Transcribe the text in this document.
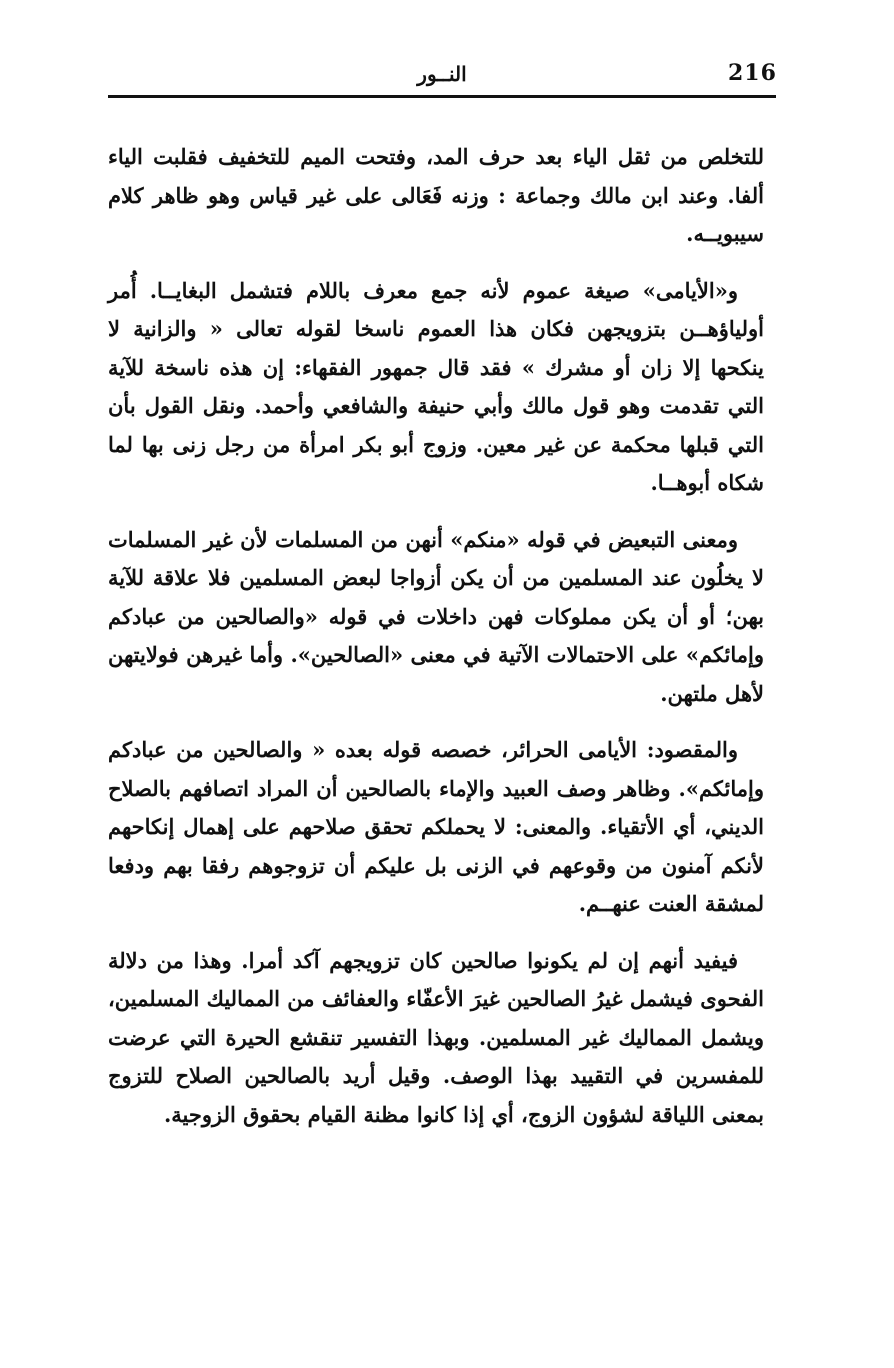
216
النــور

للتخلص من ثقل الياء بعد حرف المد، وفتحت الميم للتخفيف فقلبت الياء ألفا. وعند ابن مالك وجماعة : وزنه فَعَالى على غير قياس وهو ظاهر كلام سيبويــه.

و«الأيامى» صيغة عموم لأنه جمع معرف باللام فتشمل البغايــا. أُمر أولياؤهــن بتزويجهن فكان هذا العموم ناسخا لقوله تعالى « والزانية لا ينكحها إلا زان أو مشرك » فقد قال جمهور الفقهاء: إن هذه ناسخة للآية التي تقدمت وهو قول مالك وأبي حنيفة والشافعي وأحمد. ونقل القول بأن التي قبلها محكمة عن غير معين. وزوج أبو بكر امرأة من رجل زنى بها لما شكاه أبوهــا.

ومعنى التبعيض في قوله «منكم» أنهن من المسلمات لأن غير المسلمات لا يخلُون عند المسلمين من أن يكن أزواجا لبعض المسلمين فلا علاقة للآية بهن؛ أو أن يكن مملوكات فهن داخلات في قوله «والصالحين من عبادكم وإمائكم» على الاحتمالات الآتية في معنى «الصالحين». وأما غيرهن فولايتهن لأهل ملتهن.

والمقصود: الأيامى الحرائر، خصصه قوله بعده « والصالحين من عبادكم وإمائكم». وظاهر وصف العبيد والإماء بالصالحين أن المراد اتصافهم بالصلاح الديني، أي الأتقياء. والمعنى: لا يحملكم تحقق صلاحهم على إهمال إنكاحهم لأنكم آمنون من وقوعهم في الزنى بل عليكم أن تزوجوهم رفقا بهم ودفعا لمشقة العنت عنهــم.

فيفيد أنهم إن لم يكونوا صالحين كان تزويجهم آكد أمرا. وهذا من دلالة الفحوى فيشمل غيرُ الصالحين غيرَ الأعفّاء والعفائف من المماليك المسلمين، ويشمل المماليك غير المسلمين. وبهذا التفسير تنقشع الحيرة التي عرضت للمفسرين في التقييد بهذا الوصف. وقيل أريد بالصالحين الصلاح للتزوج بمعنى اللياقة لشؤون الزوج، أي إذا كانوا مظنة القيام بحقوق الزوجية.
